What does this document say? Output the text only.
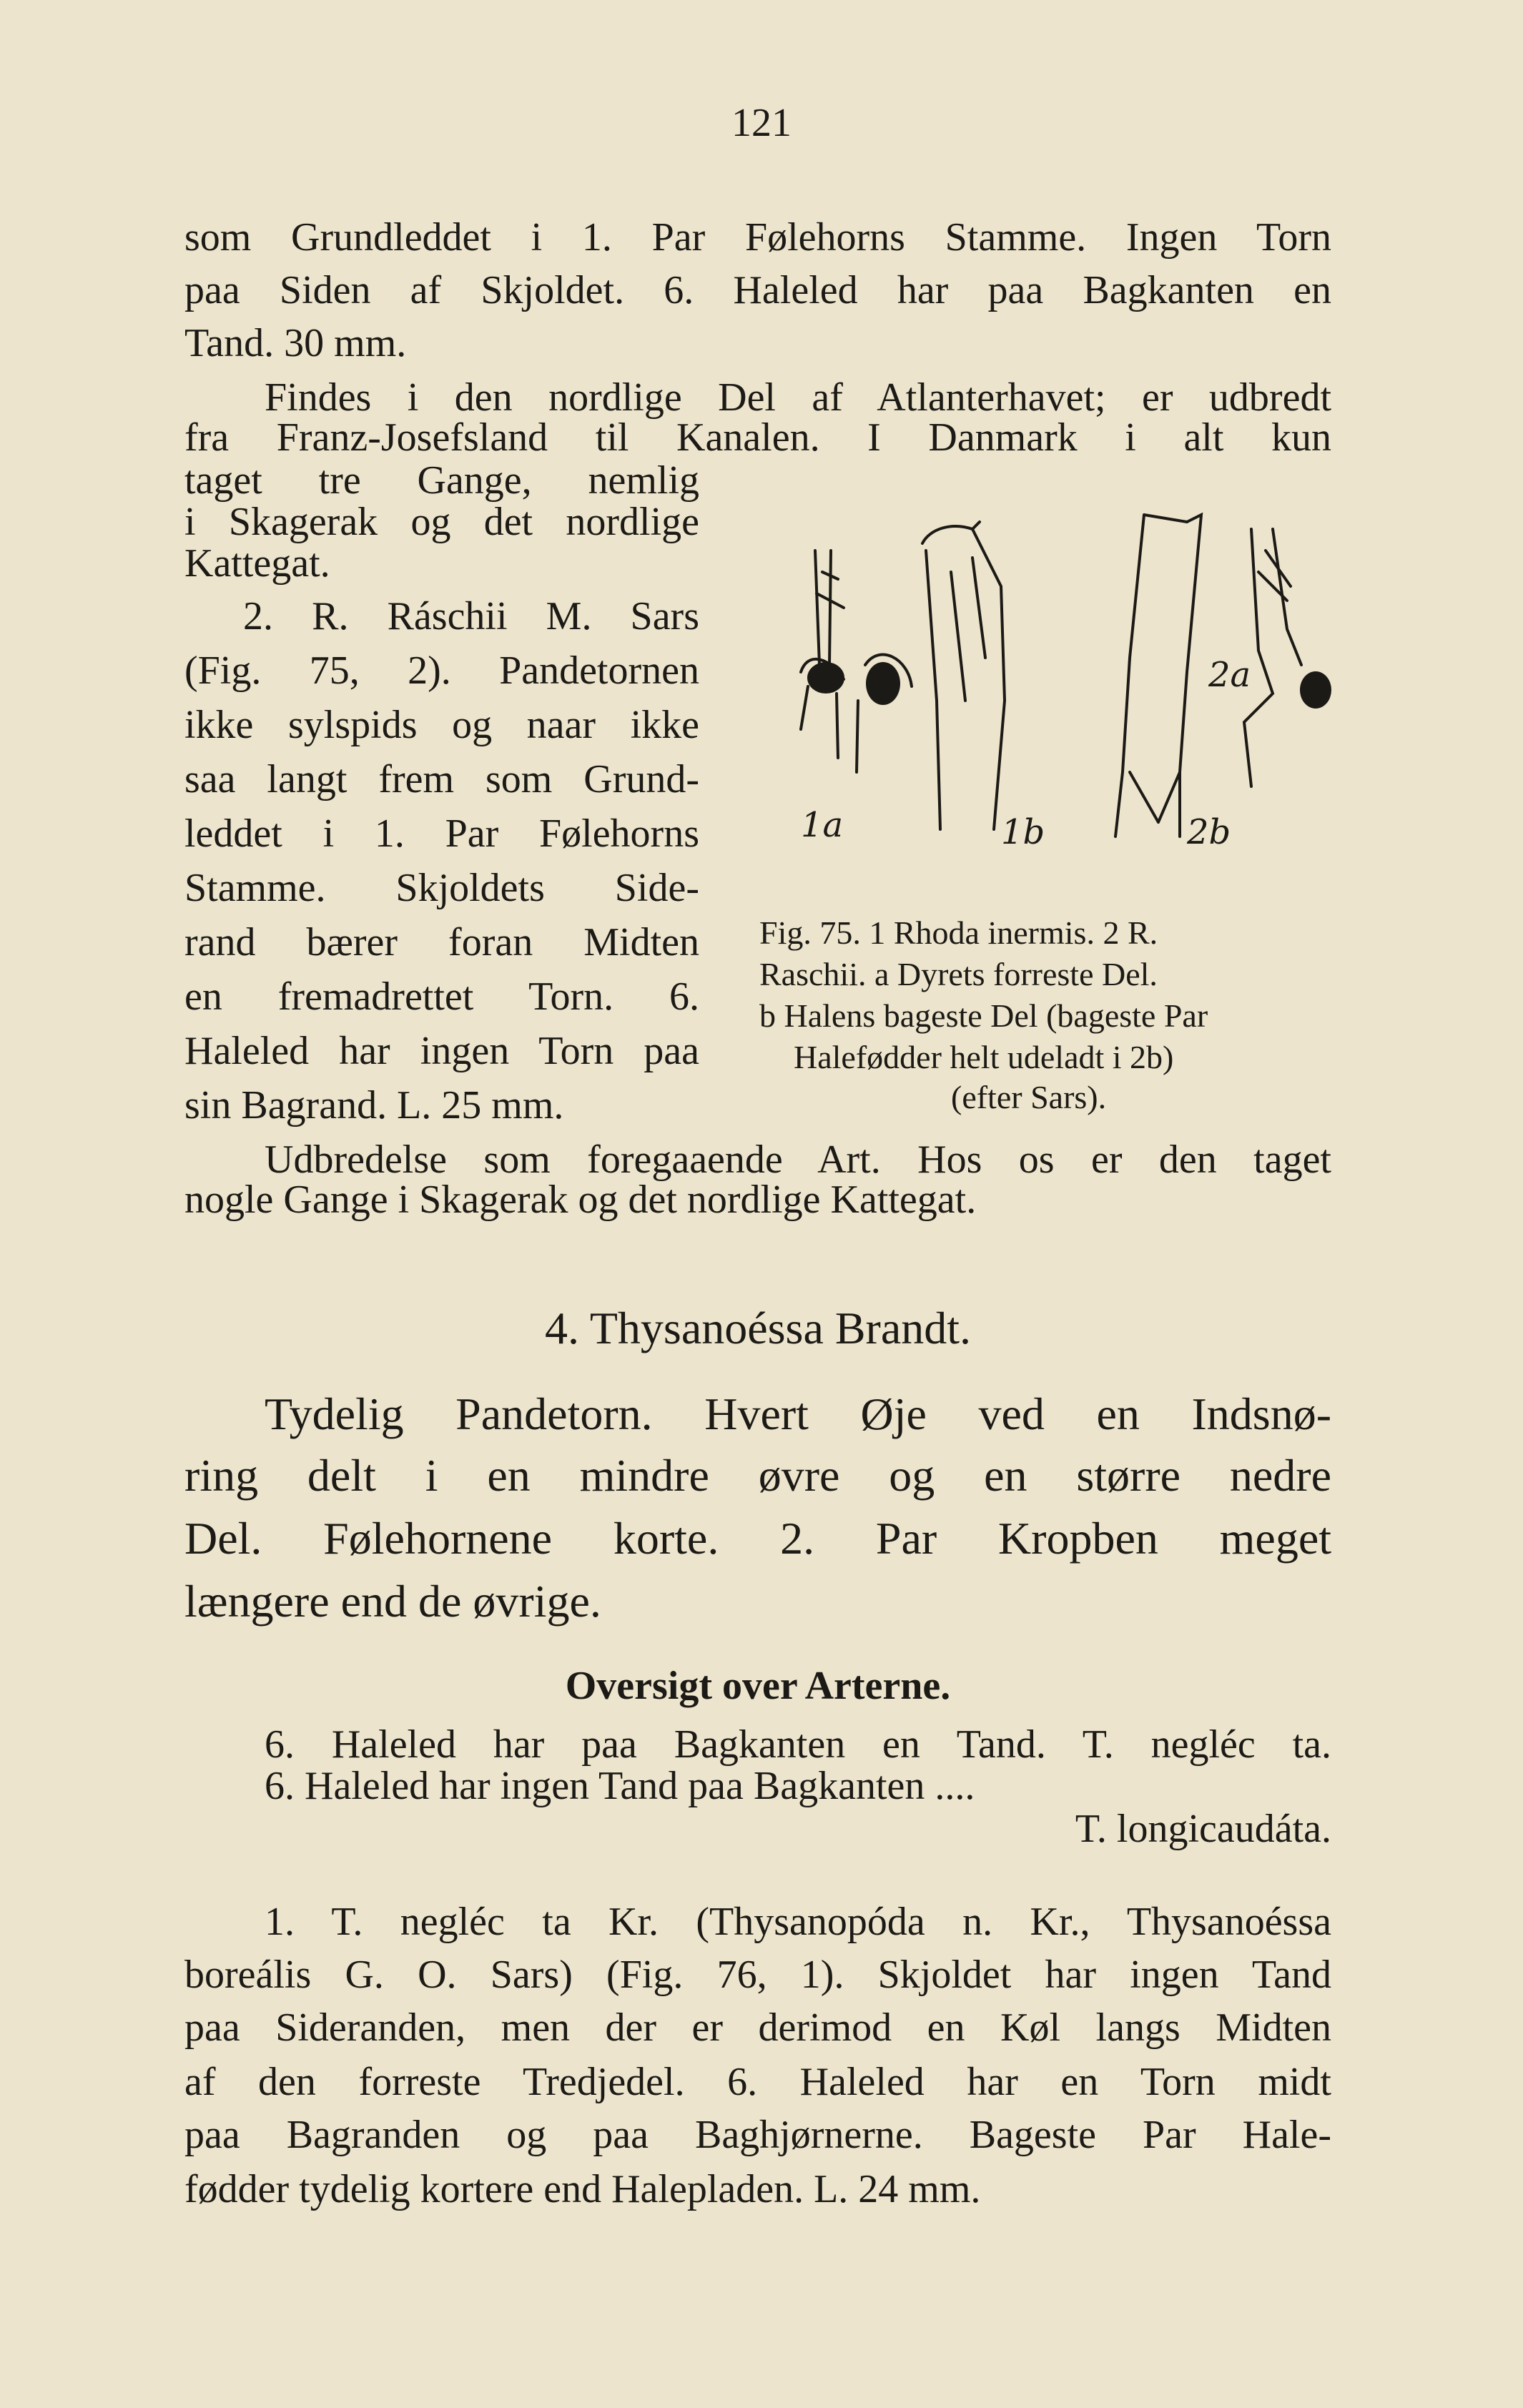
121
som Grundleddet i 1. Par Følehorns Stamme. Ingen Torn
paa Siden af Skjoldet. 6. Haleled har paa Bagkanten en
Tand. 30 mm.
Findes i den nordlige Del af Atlanterhavet; er udbredt
fra Franz-Josefsland til Kanalen. I Danmark i alt kun
taget tre Gange, nemlig
i Skagerak og det nordlige
Kattegat.
2. R. Ráschii M. Sars
(Fig. 75, 2). Pandetornen
ikke sylspids og naar ikke
saa langt frem som Grund-
leddet i 1. Par Følehorns
Stamme. Skjoldets Side-
rand bærer foran Midten
en fremadrettet Torn. 6.
Haleled har ingen Torn paa
sin Bagrand. L. 25 mm.
1a	1b
2a
2b
Fig. 75. 1 Rhoda inermis. 2 R.
Raschii. a Dyrets forreste Del.
b Halens bageste Del (bageste Par
Halefødder helt udeladt i 2b)
(efter Sars).
Udbredelse som foregaaende Art. Hos os er den taget
nogle Gange i Skagerak og det nordlige Kattegat.
4. Thysanoéssa Brandt.
Tydelig Pandetorn. Hvert Øje ved en Indsnø-
ring delt i en mindre øvre og en større nedre
Del. Følehornene korte. 2. Par Kropben meget
længere end de øvrige.
Oversigt over Arterne.
6. Haleled har paa Bagkanten en Tand. T. negléc ta.
6. Haleled har ingen Tand paa Bagkanten ....
T. longicaudáta.
1. T. negléc ta Kr. (Thysanopóda n. Kr., Thysanoéssa
boreális G. O. Sars) (Fig. 76, 1). Skjoldet har ingen Tand
paa Sideranden, men der er derimod en Køl langs Midten
af den forreste Tredjedel. 6. Haleled har en Torn midt
paa Bagranden og paa Baghjørnerne. Bageste Par Hale-
fødder tydelig kortere end Halepladen. L. 24 mm.
